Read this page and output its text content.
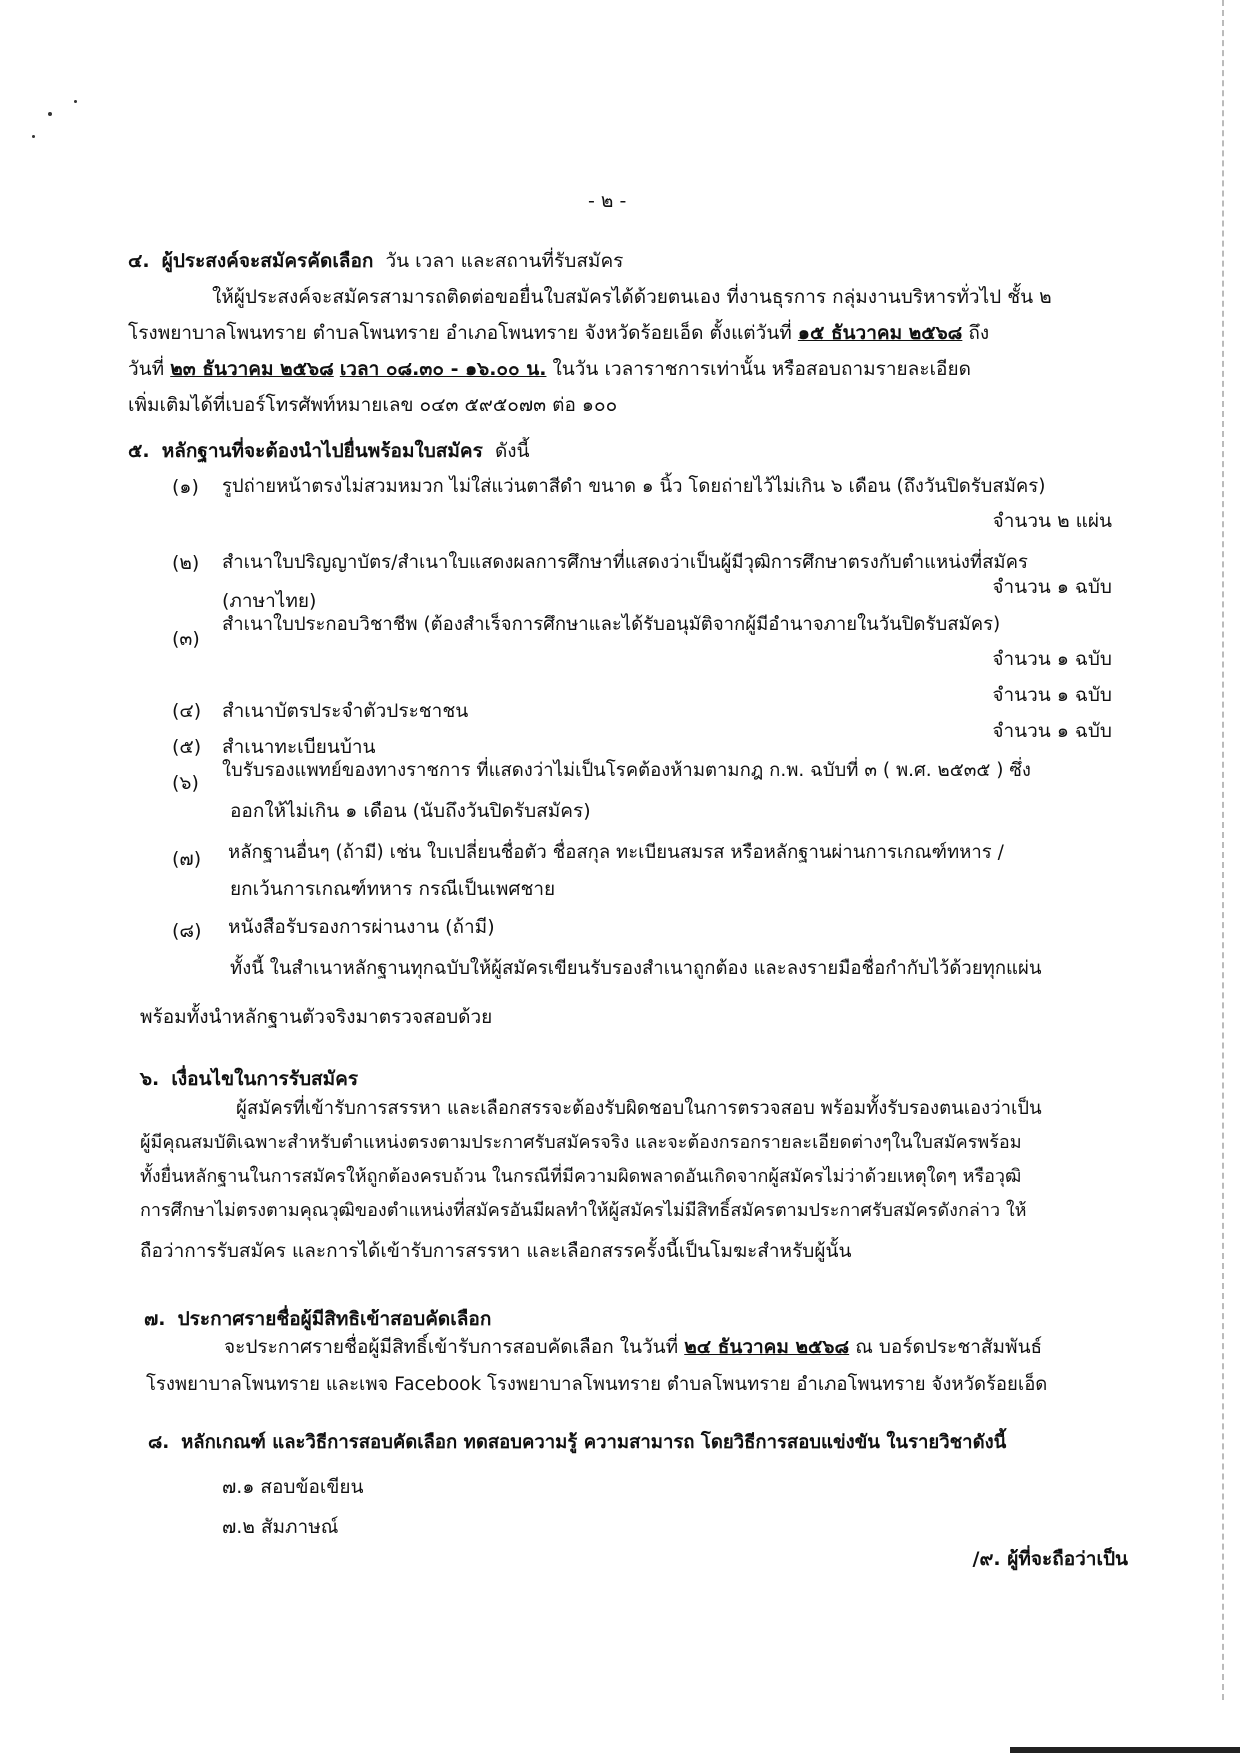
- ๒ -
๔. ผู้ประสงค์จะสมัครคัดเลือก วัน เวลา และสถานที่รับสมัคร
ให้ผู้ประสงค์จะสมัครสามารถติดต่อขอยื่นใบสมัครได้ด้วยตนเอง ที่งานธุรการ กลุ่มงานบริหารทั่วไป ชั้น ๒
โรงพยาบาลโพนทราย ตำบลโพนทราย อำเภอโพนทราย จังหวัดร้อยเอ็ด ตั้งแต่วันที่ ๑๕ ธันวาคม ๒๕๖๘ ถึง
วันที่ ๒๓ ธันวาคม ๒๕๖๘ เวลา ๐๘.๓๐ - ๑๖.๐๐ น. ในวัน เวลาราชการเท่านั้น หรือสอบถามรายละเอียด
เพิ่มเติมได้ที่เบอร์โทรศัพท์หมายเลข ๐๔๓ ๕๙๕๐๗๓ ต่อ ๑๐๐
๕. หลักฐานที่จะต้องนำไปยื่นพร้อมใบสมัคร ดังนี้
(๑) รูปถ่ายหน้าตรงไม่สวมหมวก ไม่ใส่แว่นตาสีดำ ขนาด ๑ นิ้ว โดยถ่ายไว้ไม่เกิน ๖ เดือน (ถึงวันปิดรับสมัคร)
จำนวน ๒ แผ่น
(๒) สำเนาใบปริญญาบัตร/สำเนาใบแสดงผลการศึกษาที่แสดงว่าเป็นผู้มีวุฒิการศึกษาตรงกับตำแหน่งที่สมัคร
(ภาษาไทย)
จำนวน ๑ ฉบับ
(๓)
สำเนาใบประกอบวิชาชีพ (ต้องสำเร็จการศึกษาและได้รับอนุมัติจากผู้มีอำนาจภายในวันปิดรับสมัคร)
จำนวน ๑ ฉบับ
(๔) สำเนาบัตรประจำตัวประชาชน
จำนวน ๑ ฉบับ
(๕) สำเนาทะเบียนบ้าน
จำนวน ๑ ฉบับ
(๖)
ใบรับรองแพทย์ของทางราชการ ที่แสดงว่าไม่เป็นโรคต้องห้ามตามกฎ ก.พ. ฉบับที่ ๓ ( พ.ศ. ๒๕๓๕ ) ซึ่ง
ออกให้ไม่เกิน ๑ เดือน (นับถึงวันปิดรับสมัคร)
(๗) หลักฐานอื่นๆ (ถ้ามี) เช่น ใบเปลี่ยนชื่อตัว ชื่อสกุล ทะเบียนสมรส หรือหลักฐานผ่านการเกณฑ์ทหาร /
ยกเว้นการเกณฑ์ทหาร กรณีเป็นเพศชาย
(๘) หนังสือรับรองการผ่านงาน (ถ้ามี)
ทั้งนี้ ในสำเนาหลักฐานทุกฉบับให้ผู้สมัครเขียนรับรองสำเนาถูกต้อง และลงรายมือชื่อกำกับไว้ด้วยทุกแผ่น
พร้อมทั้งนำหลักฐานตัวจริงมาตรวจสอบด้วย
๖. เงื่อนไขในการรับสมัคร
ผู้สมัครที่เข้ารับการสรรหา และเลือกสรรจะต้องรับผิดชอบในการตรวจสอบ พร้อมทั้งรับรองตนเองว่าเป็น
ผู้มีคุณสมบัติเฉพาะสำหรับตำแหน่งตรงตามประกาศรับสมัครจริง และจะต้องกรอกรายละเอียดต่างๆในใบสมัครพร้อม
ทั้งยื่นหลักฐานในการสมัครให้ถูกต้องครบถ้วน ในกรณีที่มีความผิดพลาดอันเกิดจากผู้สมัครไม่ว่าด้วยเหตุใดๆ หรือวุฒิ
การศึกษาไม่ตรงตามคุณวุฒิของตำแหน่งที่สมัครอันมีผลทำให้ผู้สมัครไม่มีสิทธิ์สมัครตามประกาศรับสมัครดังกล่าว ให้
ถือว่าการรับสมัคร และการได้เข้ารับการสรรหา และเลือกสรรครั้งนี้เป็นโมฆะสำหรับผู้นั้น
๗. ประกาศรายชื่อผู้มีสิทธิเข้าสอบคัดเลือก
จะประกาศรายชื่อผู้มีสิทธิ์เข้ารับการสอบคัดเลือก ในวันที่ ๒๔ ธันวาคม ๒๕๖๘ ณ บอร์ดประชาสัมพันธ์
โรงพยาบาลโพนทราย และเพจ Facebook โรงพยาบาลโพนทราย ตำบลโพนทราย อำเภอโพนทราย จังหวัดร้อยเอ็ด
๘. หลักเกณฑ์ และวิธีการสอบคัดเลือก ทดสอบความรู้ ความสามารถ โดยวิธีการสอบแข่งขัน ในรายวิชาดังนี้
๗.๑ สอบข้อเขียน
๗.๒ สัมภาษณ์
/๙. ผู้ที่จะถือว่าเป็น
